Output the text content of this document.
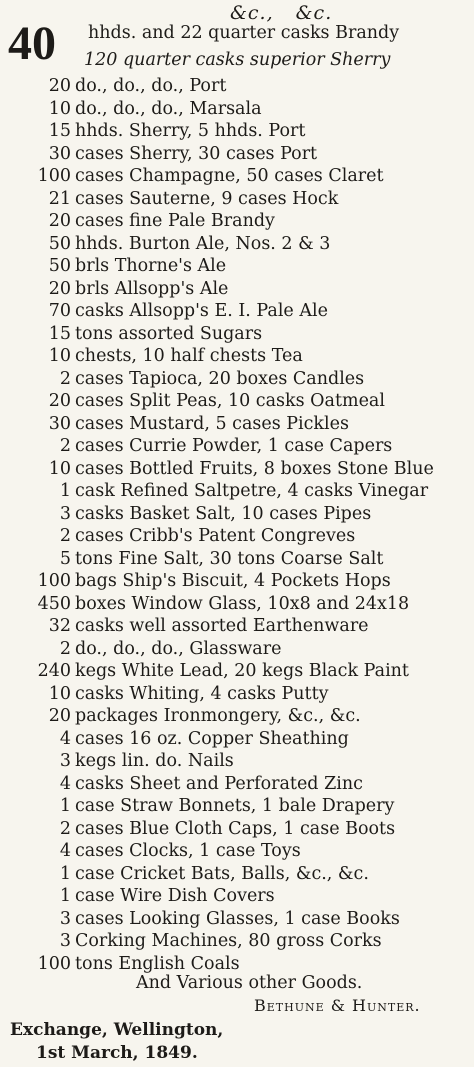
&c., &c.
40 hhds. and 22 quarter casks Brandy
120 quarter casks superior Sherry
20 do., do., do., Port
10 do., do., do., Marsala
15 hhds. Sherry, 5 hhds. Port
30 cases Sherry, 30 cases Port
100 cases Champagne, 50 cases Claret
21 cases Sauterne, 9 cases Hock
20 cases fine Pale Brandy
50 hhds. Burton Ale, Nos. 2 & 3
50 brls Thorne's Ale
20 brls Allsopp's Ale
70 casks Allsopp's E. I. Pale Ale
15 tons assorted Sugars
10 chests, 10 half chests Tea
2 cases Tapioca, 20 boxes Candles
20 cases Split Peas, 10 casks Oatmeal
30 cases Mustard, 5 cases Pickles
2 cases Currie Powder, 1 case Capers
10 cases Bottled Fruits, 8 boxes Stone Blue
1 cask Refined Saltpetre, 4 casks Vinegar
3 casks Basket Salt, 10 cases Pipes
2 cases Cribb's Patent Congreves
5 tons Fine Salt, 30 tons Coarse Salt
100 bags Ship's Biscuit, 4 Pockets Hops
450 boxes Window Glass, 10x8 and 24x18
32 casks well assorted Earthenware
2 do., do., do., Glassware
240 kegs White Lead, 20 kegs Black Paint
10 casks Whiting, 4 casks Putty
20 packages Ironmongery, &c., &c.
4 cases 16 oz. Copper Sheathing
3 kegs lin. do. Nails
4 casks Sheet and Perforated Zinc
1 case Straw Bonnets, 1 bale Drapery
2 cases Blue Cloth Caps, 1 case Boots
4 cases Clocks, 1 case Toys
1 case Cricket Bats, Balls, &c., &c.
1 case Wire Dish Covers
3 cases Looking Glasses, 1 case Books
3 Corking Machines, 80 gross Corks
100 tons English Coals
And Various other Goods.
Bethune & Hunter.
Exchange, Wellington,
1st March, 1849.
